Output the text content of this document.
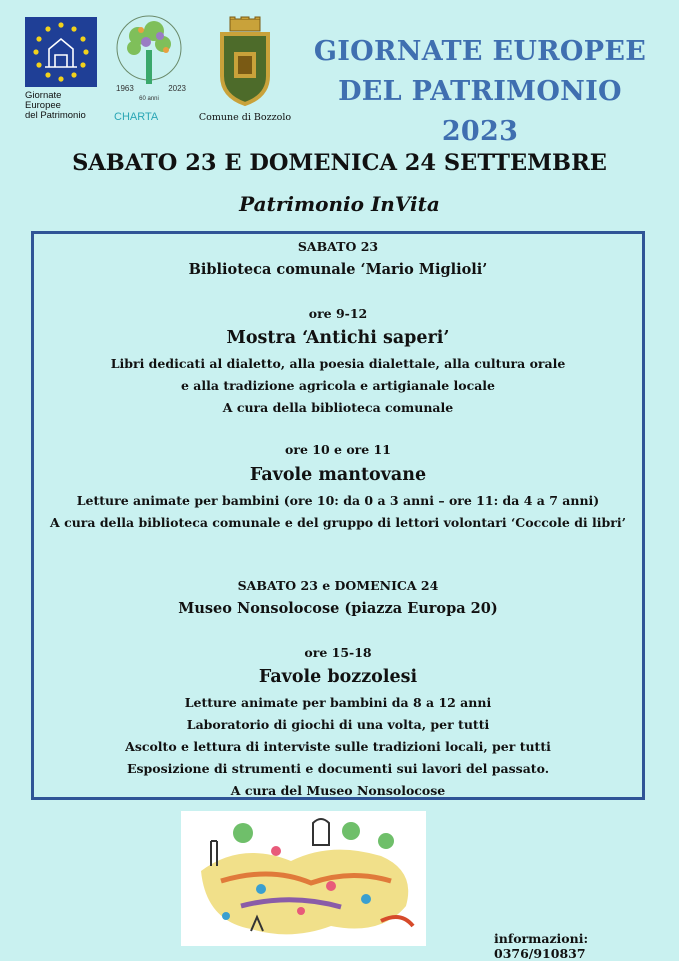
Giornate Europee
del Patrimonio
1963	2023
60 anni
CHARTA	Comune di Bozzolo
GIORNATE EUROPEE
DEL PATRIMONIO 2023
SABATO 23 E DOMENICA 24 SETTEMBRE
Patrimonio InVita
SABATO 23
Biblioteca comunale ‘Mario Miglioli’
ore 9-12
Mostra ‘Antichi saperi’
Libri dedicati al dialetto, alla poesia dialettale, alla cultura orale
e alla tradizione agricola e artigianale locale
A cura della biblioteca comunale
ore 10 e ore 11
Favole mantovane
Letture animate per bambini (ore 10: da 0 a 3 anni – ore 11: da 4 a 7 anni)
A cura della biblioteca comunale e del gruppo di lettori volontari ‘Coccole di libri’
SABATO 23 e DOMENICA 24
Museo Nonsolocose (piazza Europa 20)
ore 15-18
Favole bozzolesi
Letture animate per bambini da 8 a 12 anni
Laboratorio di giochi di una volta, per tutti
Ascolto e lettura di interviste sulle tradizioni locali, per tutti
Esposizione di strumenti e documenti sui lavori del passato.
A cura del Museo Nonsolocose
informazioni: 0376/910837
